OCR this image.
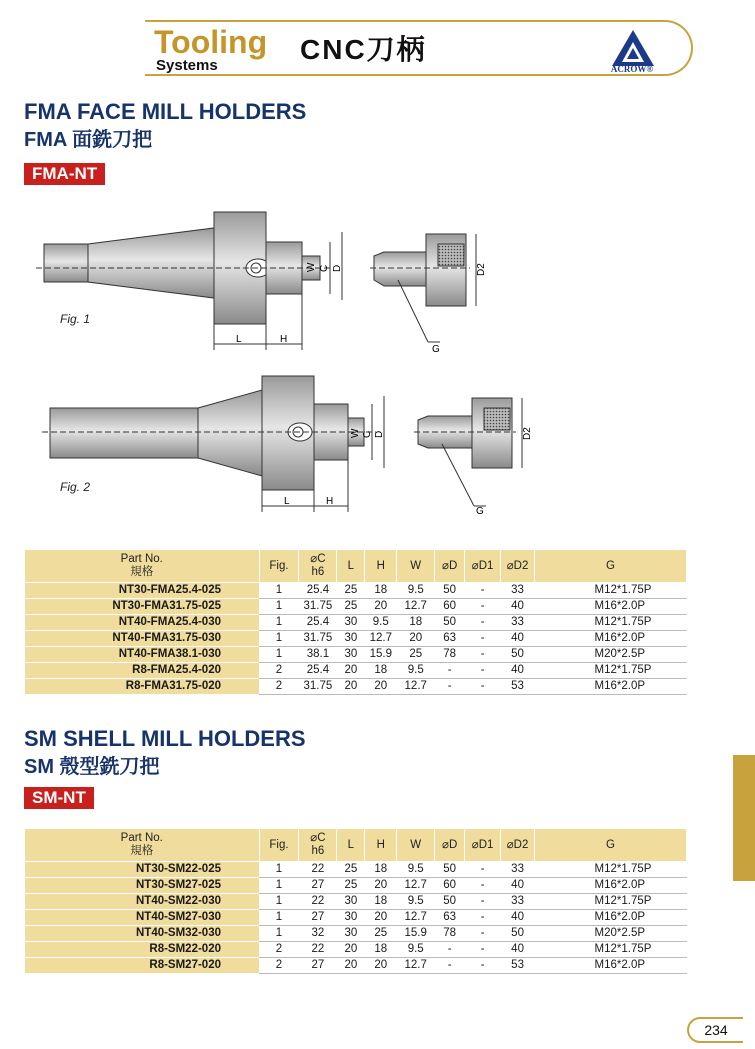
Tooling
Systems
CNC刀柄
ACROW®
FMA FACE MILL HOLDERS
FMA 面銑刀把
FMA-NT
W C D
L	H
D2
G
Fig. 1
W C D
L	H
D2
G
Fig. 2
Part No.
規格	Fig.	⌀C
h6	L	H	W	⌀D	⌀D1	⌀D2	G
NT30-FMA25.4-025	1	25.4	25	18	9.5	50	-	33	M12*1.75P
NT30-FMA31.75-025	1	31.75	25	20	12.7	60	-	40	M16*2.0P
NT40-FMA25.4-030	1	25.4	30	9.5	18	50	-	33	M12*1.75P
NT40-FMA31.75-030	1	31.75	30	12.7	20	63	-	40	M16*2.0P
NT40-FMA38.1-030	1	38.1	30	15.9	25	78	-	50	M20*2.5P
R8-FMA25.4-020	2	25.4	20	18	9.5	-	-	40	M12*1.75P
R8-FMA31.75-020	2	31.75	20	20	12.7	-	-	53	M16*2.0P
SM SHELL MILL HOLDERS
SM 殼型銑刀把
SM-NT
Part No.
規格	Fig.	⌀C
h6	L	H	W	⌀D	⌀D1	⌀D2	G
NT30-SM22-025	1	22	25	18	9.5	50	-	33	M12*1.75P
NT30-SM27-025	1	27	25	20	12.7	60	-	40	M16*2.0P
NT40-SM22-030	1	22	30	18	9.5	50	-	33	M12*1.75P
NT40-SM27-030	1	27	30	20	12.7	63	-	40	M16*2.0P
NT40-SM32-030	1	32	30	25	15.9	78	-	50	M20*2.5P
R8-SM22-020	2	22	20	18	9.5	-	-	40	M12*1.75P
R8-SM27-020	2	27	20	20	12.7	-	-	53	M16*2.0P
234
